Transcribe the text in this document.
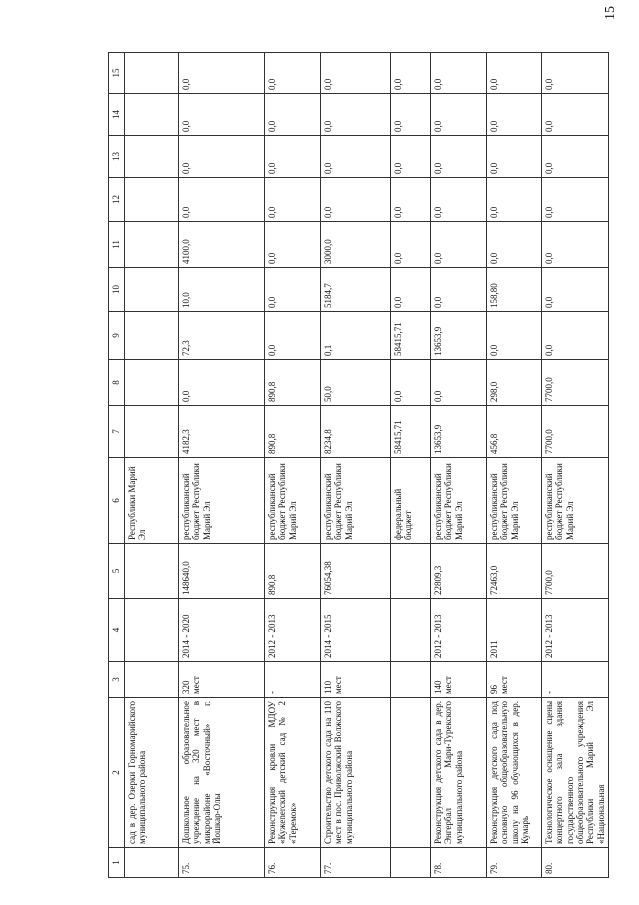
15
1	2	3	4	5	6	7	8	9	10	11	12	13	14	15
	сад в дер. Озерки Горномарийского муниципального района				Республики Марий Эл									
75.	Дошкольное образовательное учреждение на 320 мест в микрорайоне «Восточный» г. Йошкар-Олы	320 мест	2014 - 2020	148640,0	республиканский бюджет Республики Марий Эл	4182,3	0,0	72,3	10,0	4100,0	0,0	0,0	0,0	0,0
76.	Реконструкция кровли МДОУ «Кужenerский детский сад № 2 «Теремок»	-	2012 - 2013	890,8	республиканский бюджет Республики Марий Эл	890,8	890,8	0,0	0,0	0,0	0,0	0,0	0,0	0,0
77.	Строительство детского сада на 110 мест в пос. Приволжский Волжского муниципального района	110 мест	2014 - 2015	76054,38	республиканский бюджет Республики Марий Эл	8234,8	50,0	0,1	5184,7	3000,0	0,0	0,0	0,0	0,0
					федеральный бюджет	58415,71	0,0	58415,71	0,0	0,0	0,0	0,0	0,0	0,0
78.	Реконструкция детского сада в дер. Энгербал Мари-Турекского муниципального района	140 мест	2012 - 2013	22809,3	республиканский бюджет Республики Марий Эл	13653,9	0,0	13653,9	0,0	0,0	0,0	0,0	0,0	0,0
79.	Реконструкция детского сада под основную общеобразовательную школу на 96 обучающихся в дер. Кумарь	96 мест	2011	72463,0	республиканский бюджет Республики Марий Эл	456,8	298,0	0,0	158,80	0,0	0,0	0,0	0,0	0,0
80.	Технологическое оснащение сцены концертного зала здания государственного общеобразовательного учреждения Республики Марий Эл «Национальная	-	2012 - 2013	7700,0	республиканский бюджет Республики Марий Эл	7700,0	7700,0	0,0	0,0	0,0	0,0	0,0	0,0	0,0
